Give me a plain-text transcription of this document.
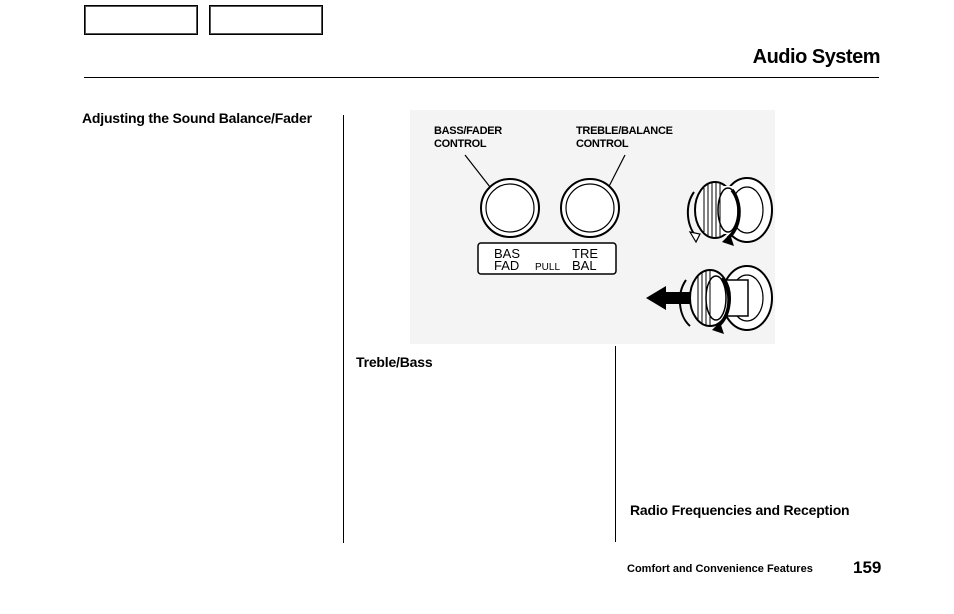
Audio System
Adjusting the Sound Balance/Fader
BASS/FADER
CONTROL
TREBLE/BALANCE
CONTROL
BAS
FAD PULL
TRE
BAL
Treble/Bass
Radio Frequencies and Reception
Comfort and Convenience Features 159
